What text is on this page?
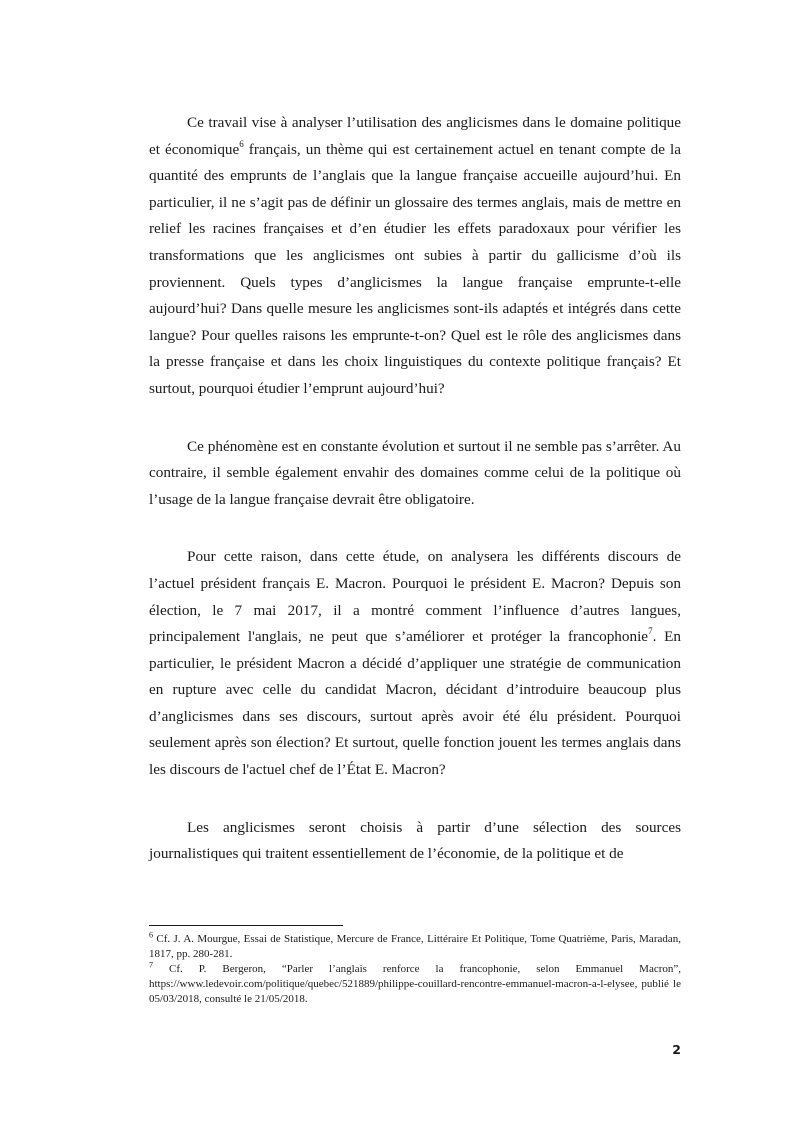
Ce travail vise à analyser l’utilisation des anglicismes dans le domaine politique et économique$^6$ français, un thème qui est certainement actuel en tenant compte de la quantité des emprunts de l’anglais que la langue française accueille aujourd’hui. En particulier, il ne s’agit pas de définir un glossaire des termes anglais, mais de mettre en relief les racines françaises et d’en étudier les effets paradoxaux pour vérifier les transformations que les anglicismes ont subies à partir du gallicisme d’où ils proviennent. Quels types d’anglicismes la langue française emprunte-t-elle aujourd’hui? Dans quelle mesure les anglicismes sont-ils adaptés et intégrés dans cette langue? Pour quelles raisons les emprunte-t-on? Quel est le rôle des anglicismes dans la presse française et dans les choix linguistiques du contexte politique français? Et surtout, pourquoi étudier l’emprunt aujourd’hui?

Ce phénomène est en constante évolution et surtout il ne semble pas s’arrêter. Au contraire, il semble également envahir des domaines comme celui de la politique où l’usage de la langue française devrait être obligatoire.

Pour cette raison, dans cette étude, on analysera les différents discours de l’actuel président français E. Macron. Pourquoi le président E. Macron? Depuis son élection, le 7 mai 2017, il a montré comment l’influence d’autres langues, principalement l'anglais, ne peut que s’améliorer et protéger la francophonie$^7$. En particulier, le président Macron a décidé d’appliquer une stratégie de communication en rupture avec celle du candidat Macron, décidant d’introduire beaucoup plus d’anglicismes dans ses discours, surtout après avoir été élu président. Pourquoi seulement après son élection? Et surtout, quelle fonction jouent les termes anglais dans les discours de l'actuel chef de l’État E. Macron?

Les anglicismes seront choisis à partir d’une sélection des sources journalistiques qui traitent essentiellement de l’économie, de la politique et de

$^6$ Cf. J. A. Mourgue, Essai de Statistique, Mercure de France, Littéraire Et Politique, Tome Quatrième, Paris, Maradan, 1817, pp. 280-281.

$^7$ Cf. P. Bergeron, “Parler l’anglais renforce la francophonie, selon Emmanuel Macron”, https://www.ledevoir.com/politique/quebec/521889/philippe-couillard-rencontre-emmanuel-macron-a-l-elysee, publié le 05/03/2018, consulté le 21/05/2018.

2
